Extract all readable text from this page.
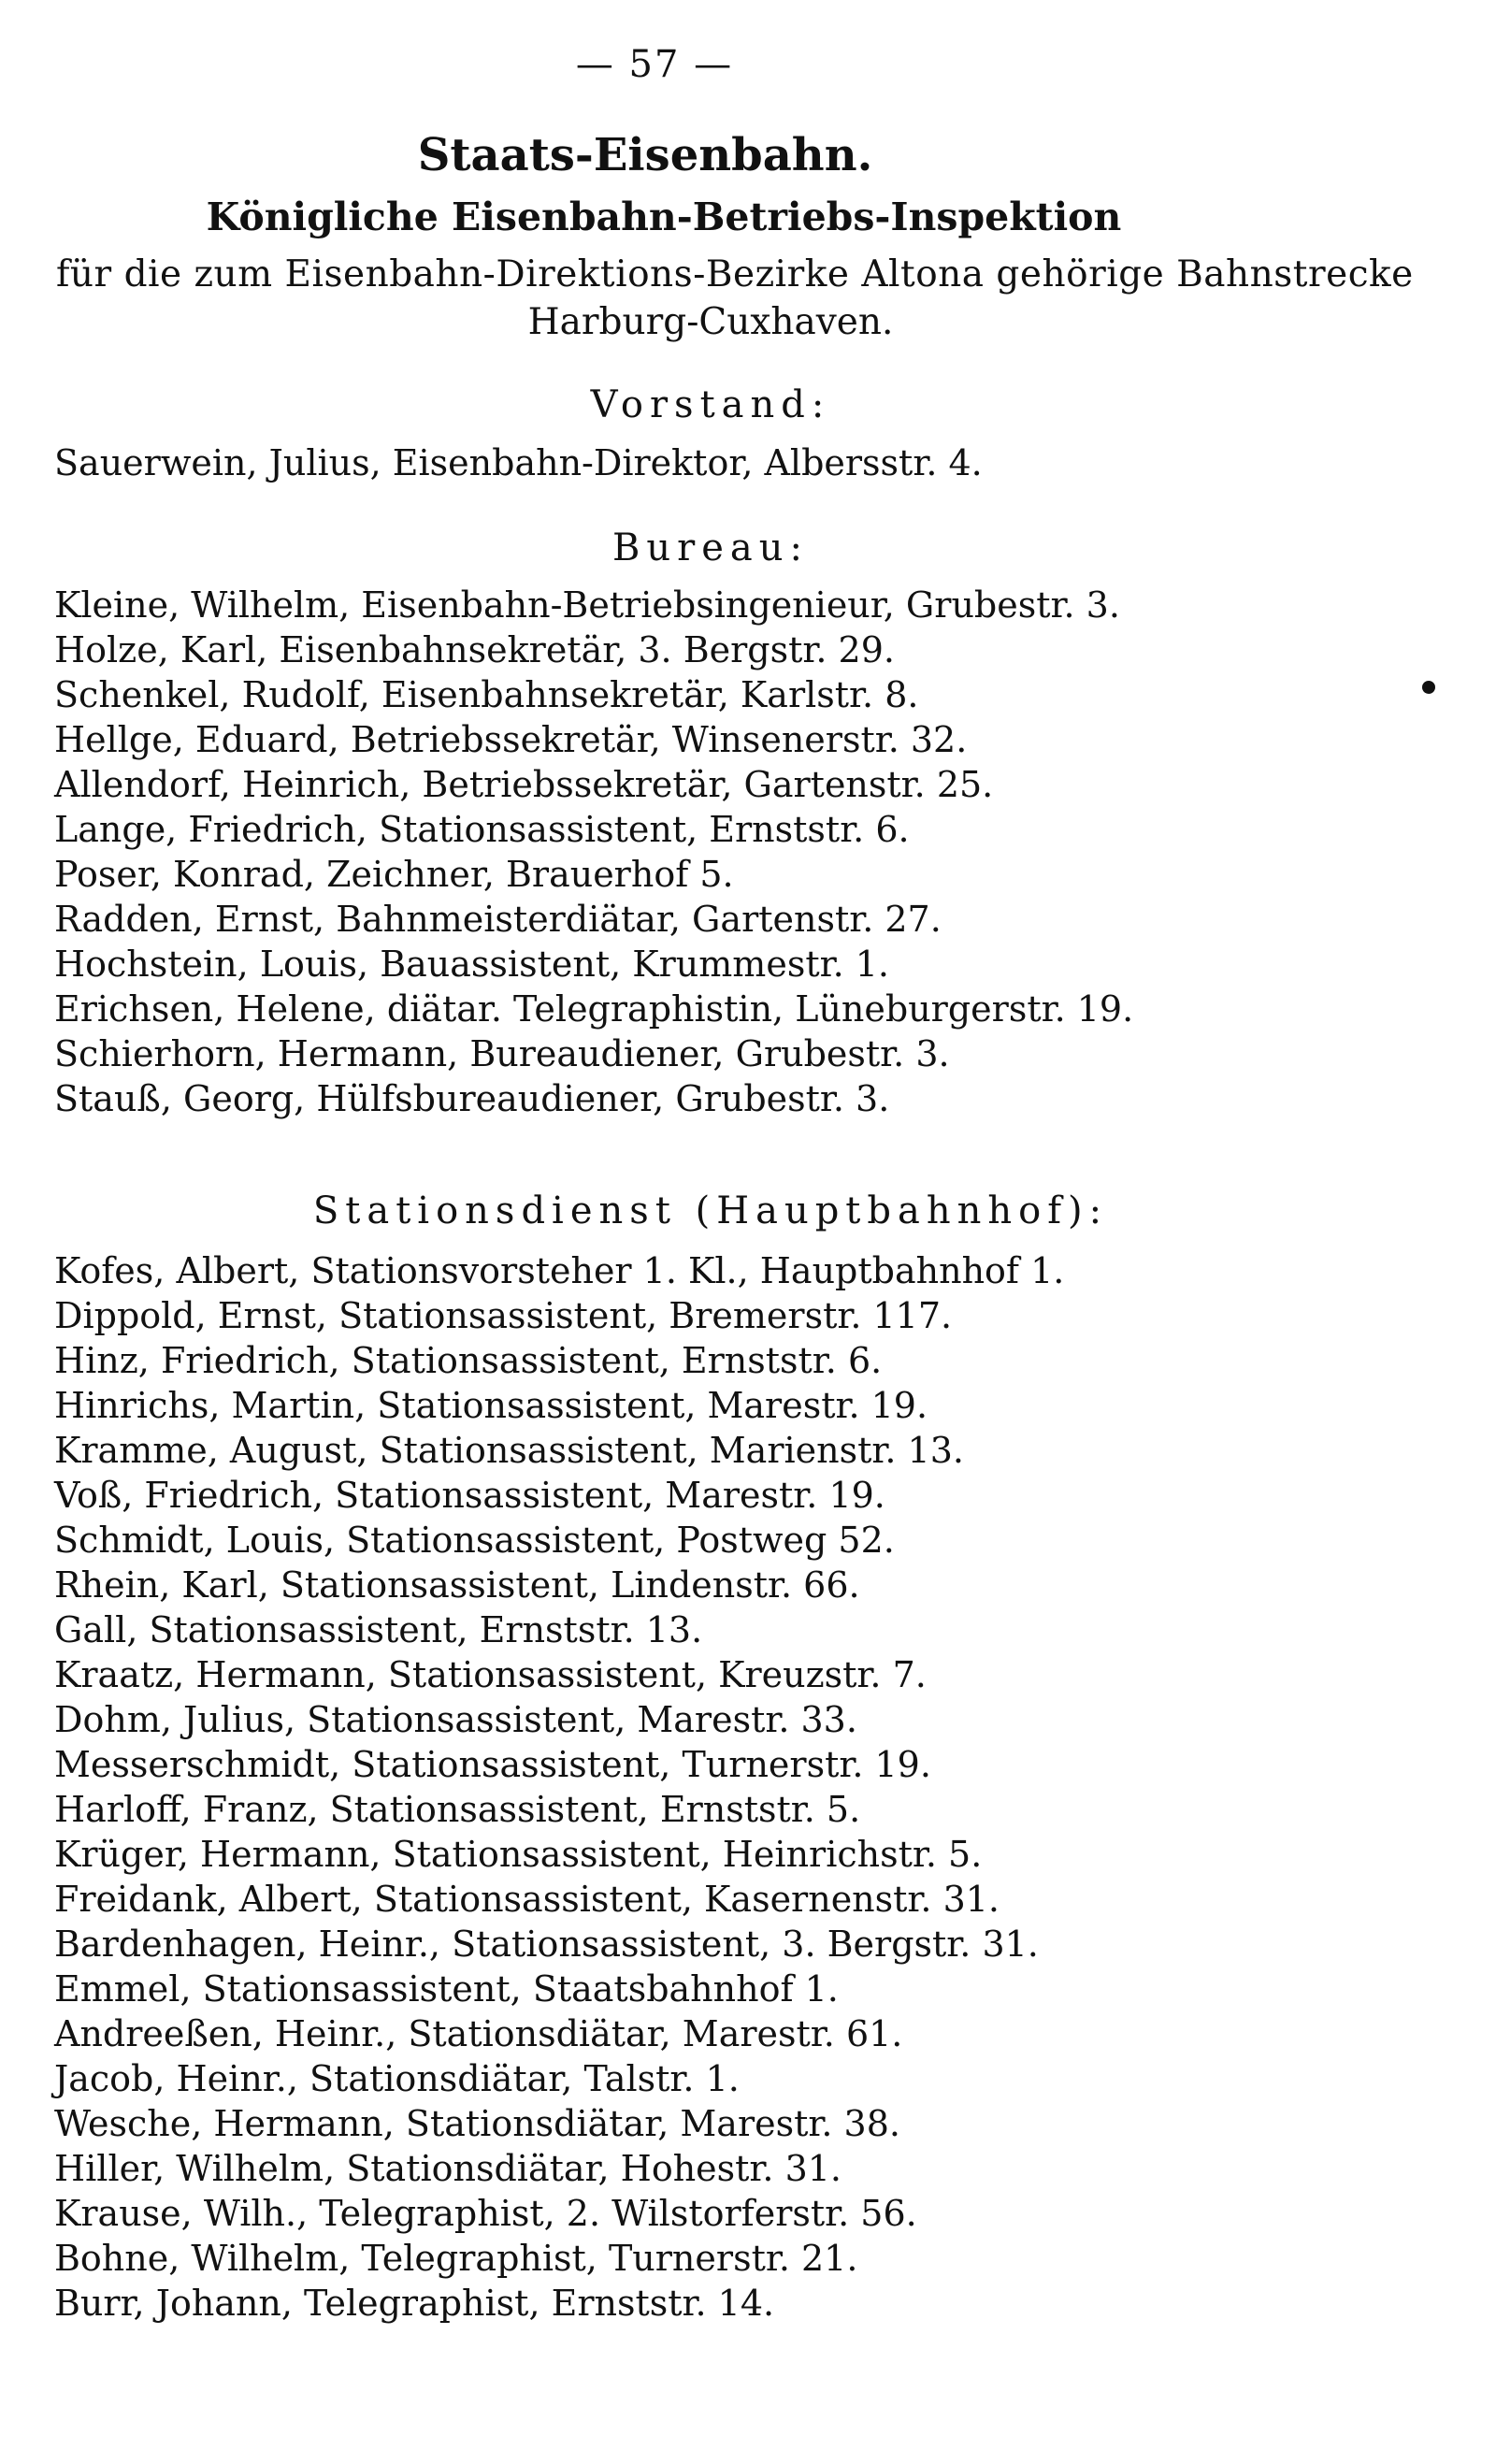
— 57 —
Staats-Eisenbahn.
Königliche Eisenbahn-Betriebs-Inspektion
für die zum Eisenbahn-Direktions-Bezirke Altona gehörige Bahnstrecke
Harburg-Cuxhaven.
Vorstand:
Sauerwein, Julius, Eisenbahn-Direktor, Albersstr. 4.
Bureau:
Kleine, Wilhelm, Eisenbahn-Betriebsingenieur, Grubestr. 3.
Holze, Karl, Eisenbahnsekretär, 3. Bergstr. 29.
Schenkel, Rudolf, Eisenbahnsekretär, Karlstr. 8.
Hellge, Eduard, Betriebssekretär, Winsenerstr. 32.
Allendorf, Heinrich, Betriebssekretär, Gartenstr. 25.
Lange, Friedrich, Stationsassistent, Ernststr. 6.
Poser, Konrad, Zeichner, Brauerhof 5.
Radden, Ernst, Bahnmeisterdiätar, Gartenstr. 27.
Hochstein, Louis, Bauassistent, Krummestr. 1.
Erichsen, Helene, diätar. Telegraphistin, Lüneburgerstr. 19.
Schierhorn, Hermann, Bureaudiener, Grubestr. 3.
Stauß, Georg, Hülfsbureaudiener, Grubestr. 3.
Stationsdienst (Hauptbahnhof):
Kofes, Albert, Stationsvorsteher 1. Kl., Hauptbahnhof 1.
Dippold, Ernst, Stationsassistent, Bremerstr. 117.
Hinz, Friedrich, Stationsassistent, Ernststr. 6.
Hinrichs, Martin, Stationsassistent, Marestr. 19.
Kramme, August, Stationsassistent, Marienstr. 13.
Voß, Friedrich, Stationsassistent, Marestr. 19.
Schmidt, Louis, Stationsassistent, Postweg 52.
Rhein, Karl, Stationsassistent, Lindenstr. 66.
Gall, Stationsassistent, Ernststr. 13.
Kraatz, Hermann, Stationsassistent, Kreuzstr. 7.
Dohm, Julius, Stationsassistent, Marestr. 33.
Messerschmidt, Stationsassistent, Turnerstr. 19.
Harloff, Franz, Stationsassistent, Ernststr. 5.
Krüger, Hermann, Stationsassistent, Heinrichstr. 5.
Freidank, Albert, Stationsassistent, Kasernenstr. 31.
Bardenhagen, Heinr., Stationsassistent, 3. Bergstr. 31.
Emmel, Stationsassistent, Staatsbahnhof 1.
Andreeßen, Heinr., Stationsdiätar, Marestr. 61.
Jacob, Heinr., Stationsdiätar, Talstr. 1.
Wesche, Hermann, Stationsdiätar, Marestr. 38.
Hiller, Wilhelm, Stationsdiätar, Hohestr. 31.
Krause, Wilh., Telegraphist, 2. Wilstorferstr. 56.
Bohne, Wilhelm, Telegraphist, Turnerstr. 21.
Burr, Johann, Telegraphist, Ernststr. 14.
